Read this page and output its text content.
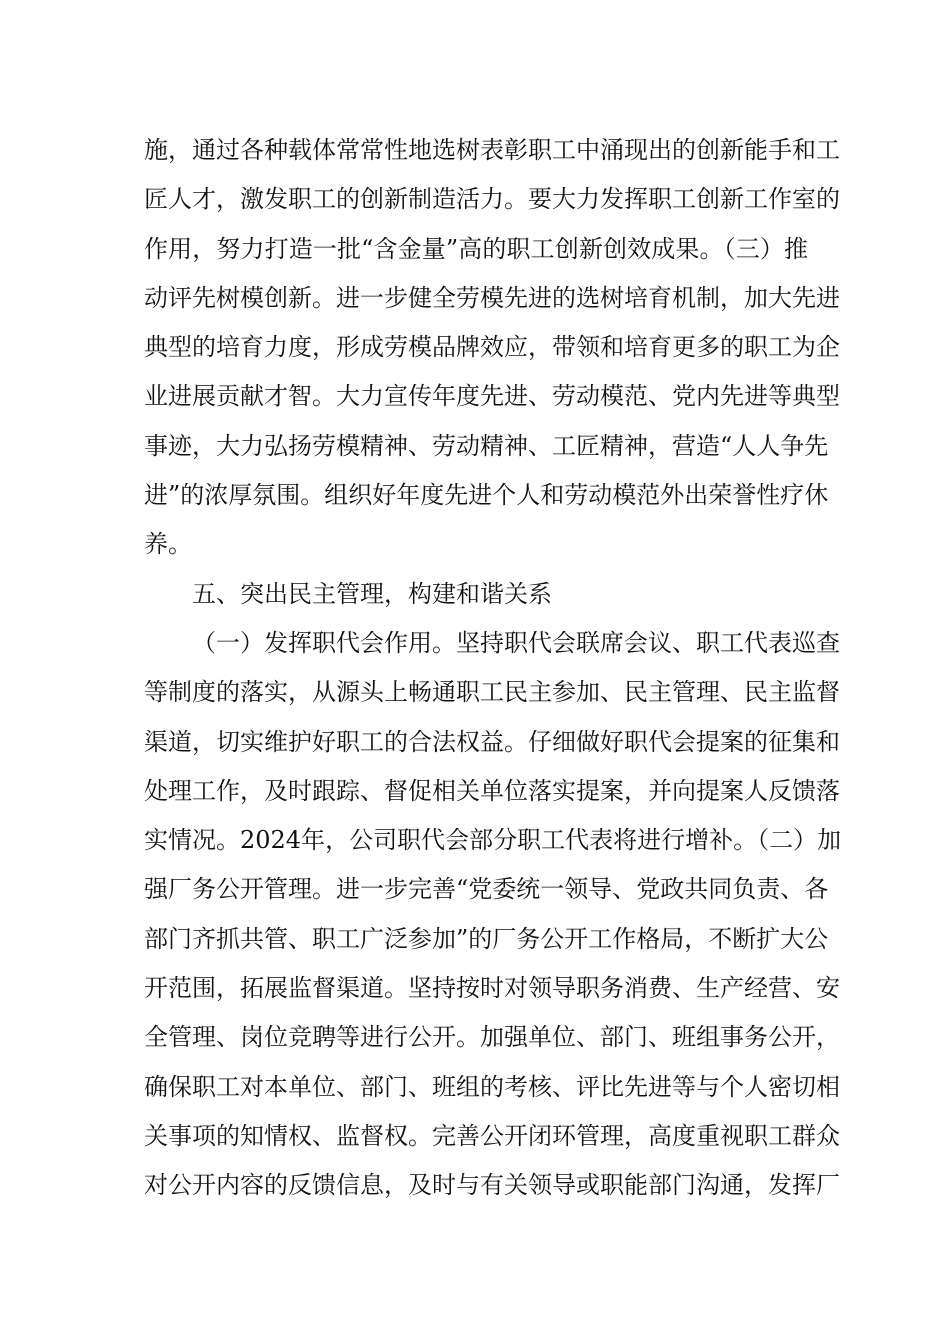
施，通过各种载体常常性地选树表彰职工中涌现出的创新能手和工
匠人才，激发职工的创新制造活力。要大力发挥职工创新工作室的
作用，努力打造一批“含金量”高的职工创新创效成果。（三）推
动评先树模创新。进一步健全劳模先进的选树培育机制，加大先进
典型的培育力度，形成劳模品牌效应，带领和培育更多的职工为企
业进展贡献才智。大力宣传年度先进、劳动模范、党内先进等典型
事迹，大力弘扬劳模精神、劳动精神、工匠精神，营造“人人争先
进”的浓厚氛围。组织好年度先进个人和劳动模范外出荣誉性疗休
养。
五、突出民主管理，构建和谐关系
（一）发挥职代会作用。坚持职代会联席会议、职工代表巡查
等制度的落实，从源头上畅通职工民主参加、民主管理、民主监督
渠道，切实维护好职工的合法权益。仔细做好职代会提案的征集和
处理工作，及时跟踪、督促相关单位落实提案，并向提案人反馈落
实情况。2024年，公司职代会部分职工代表将进行增补。（二）加
强厂务公开管理。进一步完善“党委统一领导、党政共同负责、各
部门齐抓共管、职工广泛参加”的厂务公开工作格局，不断扩大公
开范围，拓展监督渠道。坚持按时对领导职务消费、生产经营、安
全管理、岗位竞聘等进行公开。加强单位、部门、班组事务公开，
确保职工对本单位、部门、班组的考核、评比先进等与个人密切相
关事项的知情权、监督权。完善公开闭环管理，高度重视职工群众
对公开内容的反馈信息，及时与有关领导或职能部门沟通，发挥厂
